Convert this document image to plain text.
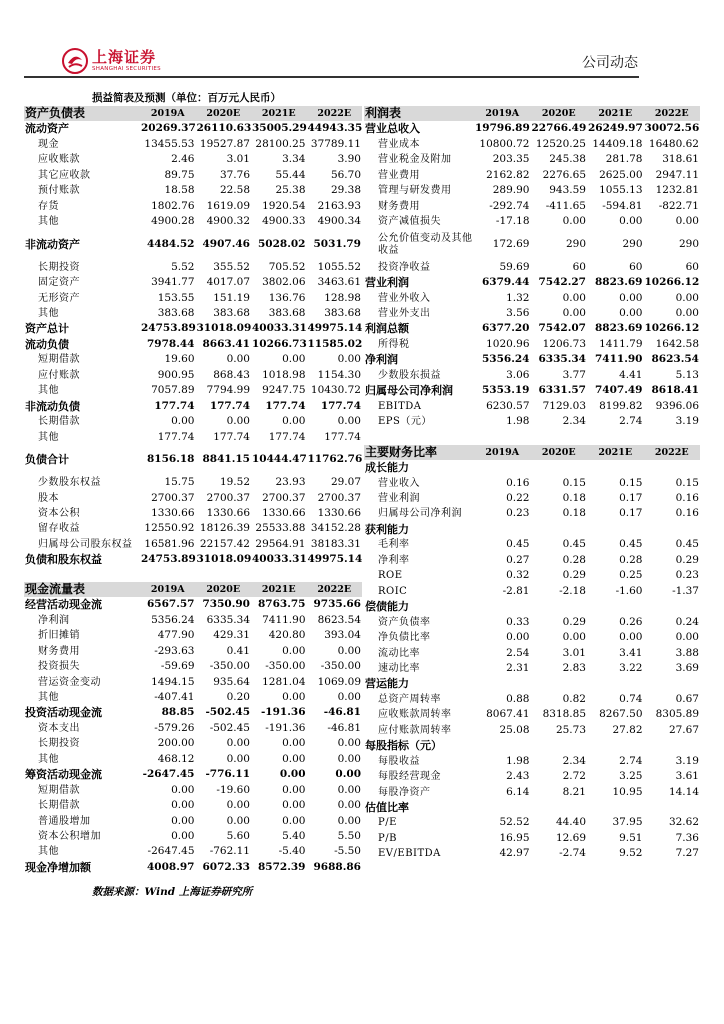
上海证券
SHANGHAI SECURITIES	公司动态
损益简表及预测（单位：百万元人民币）
资产负债表	2019A	2020E	2021E	2022E
流动资产	20269.37	26110.63	35005.29	44943.35
现金	13455.53	19527.87	28100.25	37789.11
应收账款	2.46	3.01	3.34	3.90
其它应收款	89.75	37.76	55.44	56.70
预付账款	18.58	22.58	25.38	29.38
存货	1802.76	1619.09	1920.54	2163.93
其他	4900.28	4900.32	4900.33	4900.34
非流动资产	4484.52	4907.46	5028.02	5031.79
长期投资	5.52	355.52	705.52	1055.52
固定资产	3941.77	4017.07	3802.06	3463.61
无形资产	153.55	151.19	136.76	128.98
其他	383.68	383.68	383.68	383.68
资产总计	24753.89	31018.09	40033.31	49975.14
流动负债	7978.44	8663.41	10266.73	11585.02
短期借款	19.60	0.00	0.00	0.00
应付账款	900.95	868.43	1018.98	1154.30
其他	7057.89	7794.99	9247.75	10430.72
非流动负债	177.74	177.74	177.74	177.74
长期借款	0.00	0.00	0.00	0.00
其他	177.74	177.74	177.74	177.74
负债合计	8156.18	8841.15	10444.47	11762.76
少数股东权益	15.75	19.52	23.93	29.07
股本	2700.37	2700.37	2700.37	2700.37
资本公积	1330.66	1330.66	1330.66	1330.66
留存收益	12550.92	18126.39	25533.88	34152.28
归属母公司股东权益	16581.96	22157.42	29564.91	38183.31
负债和股东权益	24753.89	31018.09	40033.31	49975.14
现金流量表	2019A	2020E	2021E	2022E
经营活动现金流	6567.57	7350.90	8763.75	9735.66
净利润	5356.24	6335.34	7411.90	8623.54
折旧摊销	477.90	429.31	420.80	393.04
财务费用	-293.63	0.41	0.00	0.00
投资损失	-59.69	-350.00	-350.00	-350.00
营运资金变动	1494.15	935.64	1281.04	1069.09
其他	-407.41	0.20	0.00	0.00
投资活动现金流	88.85	-502.45	-191.36	-46.81
资本支出	-579.26	-502.45	-191.36	-46.81
长期投资	200.00	0.00	0.00	0.00
其他	468.12	0.00	0.00	0.00
筹资活动现金流	-2647.45	-776.11	0.00	0.00
短期借款	0.00	-19.60	0.00	0.00
长期借款	0.00	0.00	0.00	0.00
普通股增加	0.00	0.00	0.00	0.00
资本公积增加	0.00	5.60	5.40	5.50
其他	-2647.45	-762.11	-5.40	-5.50
现金净增加额	4008.97	6072.33	8572.39	9688.86
利润表	2019A	2020E	2021E	2022E
营业总收入	19796.89	22766.49	26249.97	30072.56
营业成本	10800.72	12520.25	14409.18	16480.62
营业税金及附加	203.35	245.38	281.78	318.61
营业费用	2162.82	2276.65	2625.00	2947.11
管理与研发费用	289.90	943.59	1055.13	1232.81
财务费用	-292.74	-411.65	-594.81	-822.71
资产减值损失	-17.18	0.00	0.00	0.00
公允价值变动及其他收益	172.69	290	290	290
投资净收益	59.69	60	60	60
营业利润	6379.44	7542.27	8823.69	10266.12
营业外收入	1.32	0.00	0.00	0.00
营业外支出	3.56	0.00	0.00	0.00
利润总额	6377.20	7542.07	8823.69	10266.12
所得税	1020.96	1206.73	1411.79	1642.58
净利润	5356.24	6335.34	7411.90	8623.54
少数股东损益	3.06	3.77	4.41	5.13
归属母公司净利润	5353.19	6331.57	7407.49	8618.41
EBITDA	6230.57	7129.03	8199.82	9396.06
EPS（元）	1.98	2.34	2.74	3.19
主要财务比率	2019A	2020E	2021E	2022E
成长能力				
营业收入	0.16	0.15	0.15	0.15
营业利润	0.22	0.18	0.17	0.16
归属母公司净利润	0.23	0.18	0.17	0.16
获利能力				
毛利率	0.45	0.45	0.45	0.45
净利率	0.27	0.28	0.28	0.29
ROE	0.32	0.29	0.25	0.23
ROIC	-2.81	-2.18	-1.60	-1.37
偿债能力				
资产负债率	0.33	0.29	0.26	0.24
净负债比率	0.00	0.00	0.00	0.00
流动比率	2.54	3.01	3.41	3.88
速动比率	2.31	2.83	3.22	3.69
营运能力				
总资产周转率	0.88	0.82	0.74	0.67
应收账款周转率	8067.41	8318.85	8267.50	8305.89
应付账款周转率	25.08	25.73	27.82	27.67
每股指标（元）				
每股收益	1.98	2.34	2.74	3.19
每股经营现金	2.43	2.72	3.25	3.61
每股净资产	6.14	8.21	10.95	14.14
估值比率				
P/E	52.52	44.40	37.95	32.62
P/B	16.95	12.69	9.51	7.36
EV/EBITDA	42.97	-2.74	9.52	7.27
数据来源：Wind 上海证券研究所
